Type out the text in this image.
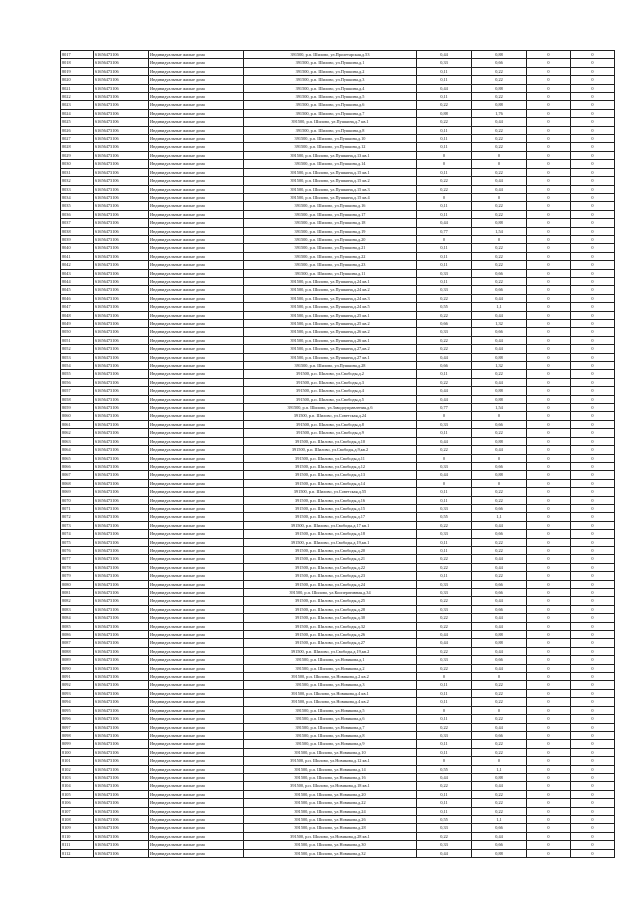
8017	61656473106	Индивидуальные жилые дома	391500, р.п. Шилово, ул.Пролетарская,д.53	0,44	0,88	0	0
8018	61656473106	Индивидуальные жилые дома	391500, р.п. Шилово, ул.Пушкина,д.1	0,33	0,66	0	0
8019	61656473106	Индивидуальные жилые дома	391500, р.п. Шилово, ул.Пушкина,д.2	0,11	0,22	0	0
8020	61656473106	Индивидуальные жилые дома	391500, р.п. Шилово, ул.Пушкина,д.3	0,11	0,22	0	0
8021	61656473106	Индивидуальные жилые дома	391500, р.п. Шилово, ул.Пушкина,д.4	0,44	0,88	0	0
8022	61656473106	Индивидуальные жилые дома	391500, р.п. Шилово, ул.Пушкина,д.5	0,11	0,22	0	0
8023	61656473106	Индивидуальные жилые дома	391500, р.п. Шилово, ул.Пушкина,д.6	0,22	0,88	0	0
8024	61656473106	Индивидуальные жилые дома	391500, р.п. Шилово, ул.Пушкина,д.7	0,88	1,76	0	0
8025	61656473106	Индивидуальные жилые дома	391500, р.п. Шилово, ул.Пушкина,д.7 кв.1	0,22	0,44	0	0
8026	61656473106	Индивидуальные жилые дома	391500, р.п. Шилово, ул.Пушкина,д.8	0,11	0,22	0	0
8027	61656473106	Индивидуальные жилые дома	391500, р.п. Шилово, ул.Пушкина,д.10	0,11	0,22	0	0
8028	61656473106	Индивидуальные жилые дома	391500, р.п. Шилово, ул.Пушкина,д.12	0,11	0,22	0	0
8029	61656473106	Индивидуальные жилые дома	391500, р.п. Шилово, ул.Пушкина,д.13 кв.1	0	0	0	0
8030	61656473106	Индивидуальные жилые дома	391500, р.п. Шилово, ул.Пушкина,д.14	0	0	0	0
8031	61656473106	Индивидуальные жилые дома	391500, р.п. Шилово, ул.Пушкина,д.15 кв.1	0,11	0,22	0	0
8032	61656473106	Индивидуальные жилые дома	391500, р.п. Шилово, ул.Пушкина,д.15 кв.2	0,22	0,44	0	0
8033	61656473106	Индивидуальные жилые дома	391500, р.п. Шилово, ул.Пушкина,д.15 кв.3	0,22	0,44	0	0
8034	61656473106	Индивидуальные жилые дома	391500, р.п. Шилово, ул.Пушкина,д.15 кв.4	0	0	0	0
8035	61656473106	Индивидуальные жилые дома	391500, р.п. Шилово, ул.Пушкина,д.16	0,11	0,22	0	0
8036	61656473106	Индивидуальные жилые дома	391500, р.п. Шилово, ул.Пушкина,д.17	0,11	0,22	0	0
8037	61656473106	Индивидуальные жилые дома	391500, р.п. Шилово, ул.Пушкина,д.18	0,44	0,88	0	0
8038	61656473106	Индивидуальные жилые дома	391500, р.п. Шилово, ул.Пушкина,д.19	0,77	1,54	0	0
8039	61656473106	Индивидуальные жилые дома	391500, р.п. Шилово, ул.Пушкина,д.20	0	0	0	0
8040	61656473106	Индивидуальные жилые дома	391500, р.п. Шилово, ул.Пушкина,д.21	0,11	0,22	0	0
8041	61656473106	Индивидуальные жилые дома	391500, р.п. Шилово, ул.Пушкина,д.22	0,11	0,22	0	0
8042	61656473106	Индивидуальные жилые дома	391500, р.п. Шилово, ул.Пушкина,д.23	0,11	0,22	0	0
8043	61656473106	Индивидуальные жилые дома	391500, р.п. Шилово, ул.Пушкина,д.11	0,33	0,66	0	0
8044	61656473106	Индивидуальные жилые дома	391500, р.п. Шилово, ул.Пушкина,д.24 кв.1	0,11	0,22	0	0
8045	61656473106	Индивидуальные жилые дома	391500, р.п. Шилово, ул.Пушкина,д.24 кв.2	0,33	0,66	0	0
8046	61656473106	Индивидуальные жилые дома	391500, р.п. Шилово, ул.Пушкина,д.24 кв.3	0,22	0,44	0	0
8047	61656473106	Индивидуальные жилые дома	391500, р.п. Шилово, ул.Пушкина,д.24 кв.5	0,55	1,1	0	0
8048	61656473106	Индивидуальные жилые дома	391500, р.п. Шилово, ул.Пушкина,д.25 кв.1	0,22	0,44	0	0
8049	61656473106	Индивидуальные жилые дома	391500, р.п. Шилово, ул.Пушкина,д.25 кв.2	0,66	1,32	0	0
8050	61656473106	Индивидуальные жилые дома	391500, р.п. Шилово, ул.Пушкина,д.26 кв.2	0,33	0,66	0	0
8051	61656473106	Индивидуальные жилые дома	391500, р.п. Шилово, ул.Пушкина,д.26 кв.1	0,22	0,44	0	0
8052	61656473106	Индивидуальные жилые дома	391500, р.п. Шилово, ул.Пушкина,д.27,кв.2	0,22	0,44	0	0
8053	61656473106	Индивидуальные жилые дома	391500, р.п. Шилово, ул.Пушкина,д.27 кв.1	0,44	0,88	0	0
8054	61656473106	Индивидуальные жилые дома	391500, р.п. Шилово, ул.Пушкина,д.28	0,66	1,32	0	0
8055	61656473106	Индивидуальные жилые дома	391500, р.п. Шилово, ул.Свободы,д.2	0,11	0,22	0	0
8056	61656473106	Индивидуальные жилые дома	391500, р.п. Шилово, ул.Свободы,д.3	0,22	0,44	0	0
8057	61656473106	Индивидуальные жилые дома	391500, р.п. Шилово, ул.Свободы,д.4	0,44	0,88	0	0
8058	61656473106	Индивидуальные жилые дома	391500, р.п. Шилово, ул.Свободы,д.5	0,44	0,88	0	0
8059	61656473106	Индивидуальные жилые дома	391500, р.п. Шилово, ул.Заводоуправления,д.6	0,77	1,54	0	0
8060	61656473106	Индивидуальные жилые дома	391500, р.п. Шилово, ул.Советская,д.24	0	0	0	0
8061	61656473106	Индивидуальные жилые дома	391500, р.п. Шилово, ул.Свободы,д.8	0,33	0,66	0	0
8062	61656473106	Индивидуальные жилые дома	391500, р.п. Шилово, ул.Свободы,д.9	0,11	0,22	0	0
8063	61656473106	Индивидуальные жилые дома	391500, р.п. Шилово, ул.Свободы,д.10	0,44	0,88	0	0
8064	61656473106	Индивидуальные жилые дома	391500, р.п. Шилово, ул.Свободы,д.9,кв.2	0,22	0,44	0	0
8065	61656473106	Индивидуальные жилые дома	391500, р.п. Шилово, ул.Свободы,д.11	0	0	0	0
8066	61656473106	Индивидуальные жилые дома	391500, р.п. Шилово, ул.Свободы,д.12	0,33	0,66	0	0
8067	61656473106	Индивидуальные жилые дома	391500, р.п. Шилово, ул.Свободы,д.13	0,44	0,88	0	0
8068	61656473106	Индивидуальные жилые дома	391500, р.п. Шилово, ул.Свободы,д.14	0	0	0	0
8069	61656473106	Индивидуальные жилые дома	391500, р.п. Шилово, ул.Советская,д.55	0,11	0,22	0	0
8070	61656473106	Индивидуальные жилые дома	391500, р.п. Шилово, ул.Свободы,д.16	0,11	0,22	0	0
8071	61656473106	Индивидуальные жилые дома	391500, р.п. Шилово, ул.Свободы,д.15	0,33	0,66	0	0
8072	61656473106	Индивидуальные жилые дома	391500, р.п. Шилово, ул.Свободы,д.17	0,55	1,1	0	0
8073	61656473106	Индивидуальные жилые дома	391500, р.п. Шилово, ул.Свободы,д.17 кв.1	0,22	0,44	0	0
8074	61656473106	Индивидуальные жилые дома	391500, р.п. Шилово, ул.Свободы,д.18	0,33	0,66	0	0
8075	61656473106	Индивидуальные жилые дома	391500, р.п. Шилово, ул.Свободы,д.19,кв.1	0,11	0,22	0	0
8076	61656473106	Индивидуальные жилые дома	391500, р.п. Шилово, ул.Свободы,д.20	0,11	0,22	0	0
8077	61656473106	Индивидуальные жилые дома	391500, р.п. Шилово, ул.Свободы,д.21	0,22	0,44	0	0
8078	61656473106	Индивидуальные жилые дома	391500, р.п. Шилово, ул.Свободы,д.22	0,22	0,44	0	0
8079	61656473106	Индивидуальные жилые дома	391500, р.п. Шилово, ул.Свободы,д.23	0,11	0,22	0	0
8080	61656473106	Индивидуальные жилые дома	391500, р.п. Шилово, ул.Свободы,д.24	0,33	0,66	0	0
8081	61656473106	Индивидуальные жилые дома	391500, р.п. Шилово, ул.Кооперативная,д.34	0,33	0,66	0	0
8082	61656473106	Индивидуальные жилые дома	391500, р.п. Шилово, ул.Свободы,д.25	0,22	0,44	0	0
8083	61656473106	Индивидуальные жилые дома	391500, р.п. Шилово, ул.Свободы,д.28	0,33	0,66	0	0
8084	61656473106	Индивидуальные жилые дома	391500, р.п. Шилово, ул.Свободы,д.30	0,22	0,44	0	0
8085	61656473106	Индивидуальные жилые дома	391500, р.п. Шилово, ул.Свободы,д.32	0,22	0,44	0	0
8086	61656473106	Индивидуальные жилые дома	391500, р.п. Шилово, ул.Свободы,д.26	0,44	0,88	0	0
8087	61656473106	Индивидуальные жилые дома	391500, р.п. Шилово, ул.Свободы,д.27	0,44	0,88	0	0
8088	61656473106	Индивидуальные жилые дома	391500, р.п. Шилово, ул.Свободы,д.19,кв.2	0,22	0,44	0	0
8089	61656473106	Индивидуальные жилые дома	391500, р.п. Шилово, ул.Новикова,д.1	0,33	0,66	0	0
8090	61656473106	Индивидуальные жилые дома	391500, р.п. Шилово, ул.Новикова,д.2	0,22	0,44	0	0
8091	61656473106	Индивидуальные жилые дома	391500, р.п. Шилово, ул.Новикова,д.2 кв.2	0	0	0	0
8092	61656473106	Индивидуальные жилые дома	391500, р.п. Шилово, ул.Новикова,д.3	0,11	0,22	0	0
8093	61656473106	Индивидуальные жилые дома	391500, р.п. Шилово, ул.Новикова,д.4 кв.1	0,11	0,22	0	0
8094	61656473106	Индивидуальные жилые дома	391500, р.п. Шилово, ул.Новикова,д.4 кв.2	0,11	0,22	0	0
8095	61656473106	Индивидуальные жилые дома	391500, р.п. Шилово, ул.Новикова,д.5	0	0	0	0
8096	61656473106	Индивидуальные жилые дома	391500, р.п. Шилово, ул.Новикова,д.6	0,11	0,22	0	0
8097	61656473106	Индивидуальные жилые дома	391500, р.п. Шилово, ул.Новикова,д.7	0,22	0,44	0	0
8098	61656473106	Индивидуальные жилые дома	391500, р.п. Шилово, ул.Новикова,д.8	0,33	0,66	0	0
8099	61656473106	Индивидуальные жилые дома	391500, р.п. Шилово, ул.Новикова,д.9	0,11	0,22	0	0
8100	61656473106	Индивидуальные жилые дома	391500, р.п. Шилово, ул.Новикова,д.10	0,11	0,22	0	0
8101	61656473106	Индивидуальные жилые дома	391500, р.п. Шилово, ул.Новикова,д.12 кв.1	0	0	0	0
8102	61656473106	Индивидуальные жилые дома	391500, р.п. Шилово, ул.Новикова,д.14	0,55	1,1	0	0
8103	61656473106	Индивидуальные жилые дома	391500, р.п. Шилово, ул.Новикова,д.16	0,44	0,88	0	0
8104	61656473106	Индивидуальные жилые дома	391500, р.п. Шилово, ул.Новикова,д.18 кв.1	0,22	0,44	0	0
8105	61656473106	Индивидуальные жилые дома	391500, р.п. Шилово, ул.Новикова,д.20	0,11	0,22	0	0
8106	61656473106	Индивидуальные жилые дома	391500, р.п. Шилово, ул.Новикова,д.22	0,11	0,22	0	0
8107	61656473106	Индивидуальные жилые дома	391500, р.п. Шилово, ул.Новикова,д.24	0,11	0,22	0	0
8108	61656473106	Индивидуальные жилые дома	391500, р.п. Шилово, ул.Новикова,д.26	0,55	1,1	0	0
8109	61656473106	Индивидуальные жилые дома	391500, р.п. Шилово, ул.Новикова,д.28	0,33	0,66	0	0
8110	61656473106	Индивидуальные жилые дома	391500, р.п. Шилово, ул.Новикова,д.28 кв.1	0,22	0,44	0	0
8111	61656473106	Индивидуальные жилые дома	391500, р.п. Шилово, ул.Новикова,д.30	0,33	0,66	0	0
8112	61656473106	Индивидуальные жилые дома	391500, р.п. Шилово, ул.Новикова,д.32	0,44	0,88	0	0
